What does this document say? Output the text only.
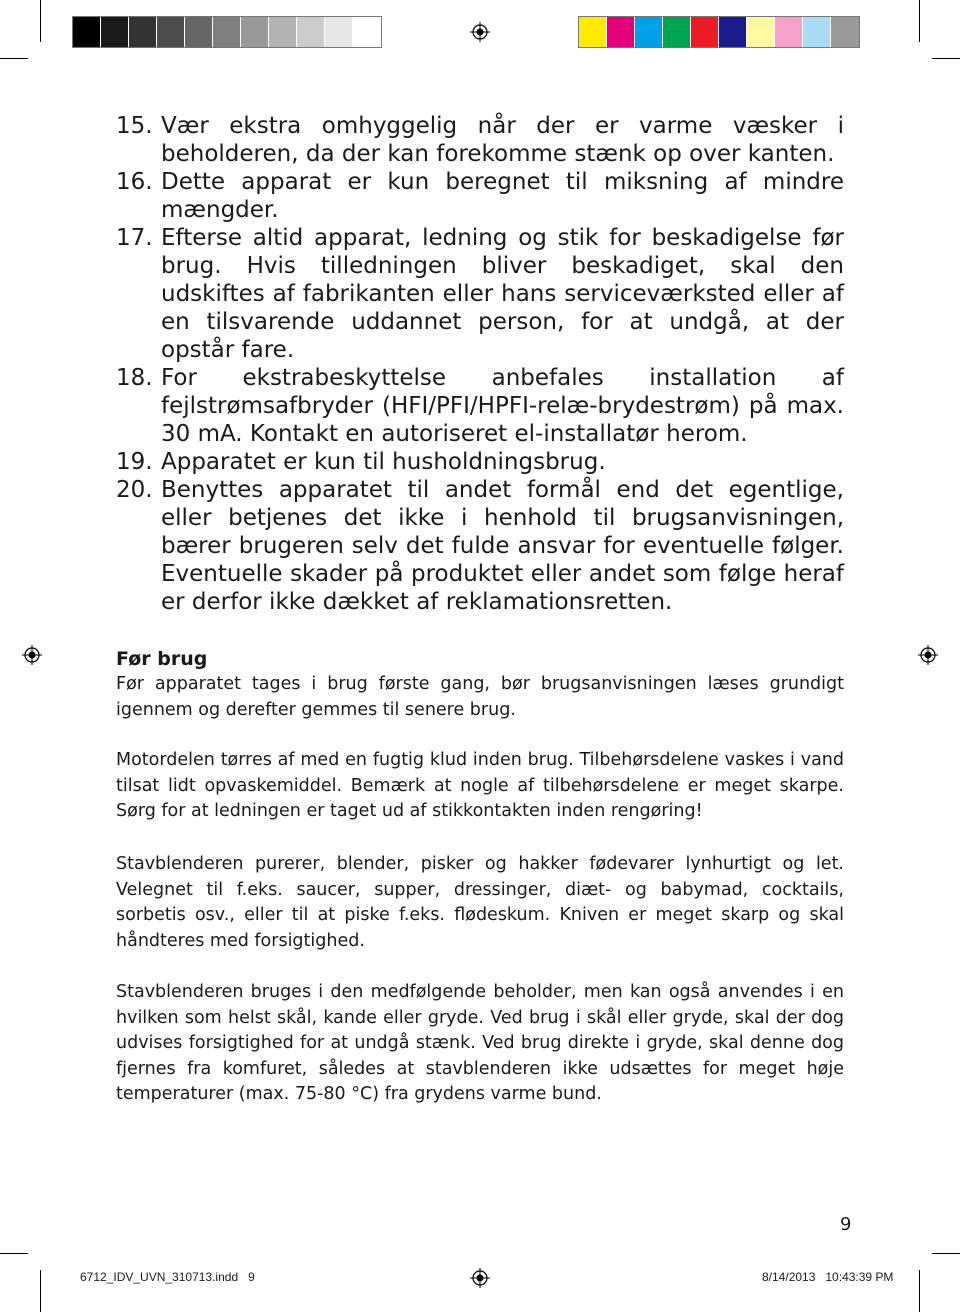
15. Vær ekstra omhyggelig når der er varme væsker i beholderen, da der kan forekomme stænk op over kanten.
16. Dette apparat er kun beregnet til miksning af mindre mængder.
17. Efterse altid apparat, ledning og stik for beskadigelse før brug. Hvis tilledningen bliver beskadiget, skal den udskiftes af fabrikanten eller hans serviceværksted eller af en tilsvarende uddannet person, for at undgå, at der opstår fare.
18. For ekstrabeskyttelse anbefales installation af fejlstrømsafbryder (HFI/PFI/HPFI-relæ-brydestrøm) på max. 30 mA. Kontakt en autoriseret el-installatør herom.
19. Apparatet er kun til husholdningsbrug.
20. Benyttes apparatet til andet formål end det egentlige, eller betjenes det ikke i henhold til brugsanvisningen, bærer brugeren selv det fulde ansvar for eventuelle følger. Eventuelle skader på produktet eller andet som følge heraf er derfor ikke dækket af reklamationsretten.
Før brug

Før apparatet tages i brug første gang, bør brugsanvisningen læses grundigt igennem og derefter gemmes til senere brug.

Motordelen tørres af med en fugtig klud inden brug. Tilbehørsdelene vaskes i vand tilsat lidt opvaskemiddel. Bemærk at nogle af tilbehørsdelene er meget skarpe. Sørg for at ledningen er taget ud af stikkontakten inden rengøring!

Stavblenderen purerer, blender, pisker og hakker fødevarer lynhurtigt og let. Velegnet til f.eks. saucer, supper, dressinger, diæt- og babymad, cocktails, sorbetis osv., eller til at piske f.eks. flødeskum. Kniven er meget skarp og skal håndteres med forsigtighed.

Stavblenderen bruges i den medfølgende beholder, men kan også anvendes i en hvilken som helst skål, kande eller gryde. Ved brug i skål eller gryde, skal der dog udvises forsigtighed for at undgå stænk. Ved brug direkte i gryde, skal denne dog fjernes fra komfuret, således at stavblenderen ikke udsættes for meget høje temperaturer (max. 75-80 °C) fra grydens varme bund.

9
6712_IDV_UVN_310713.indd   9	8/14/2013   10:43:39 PM
